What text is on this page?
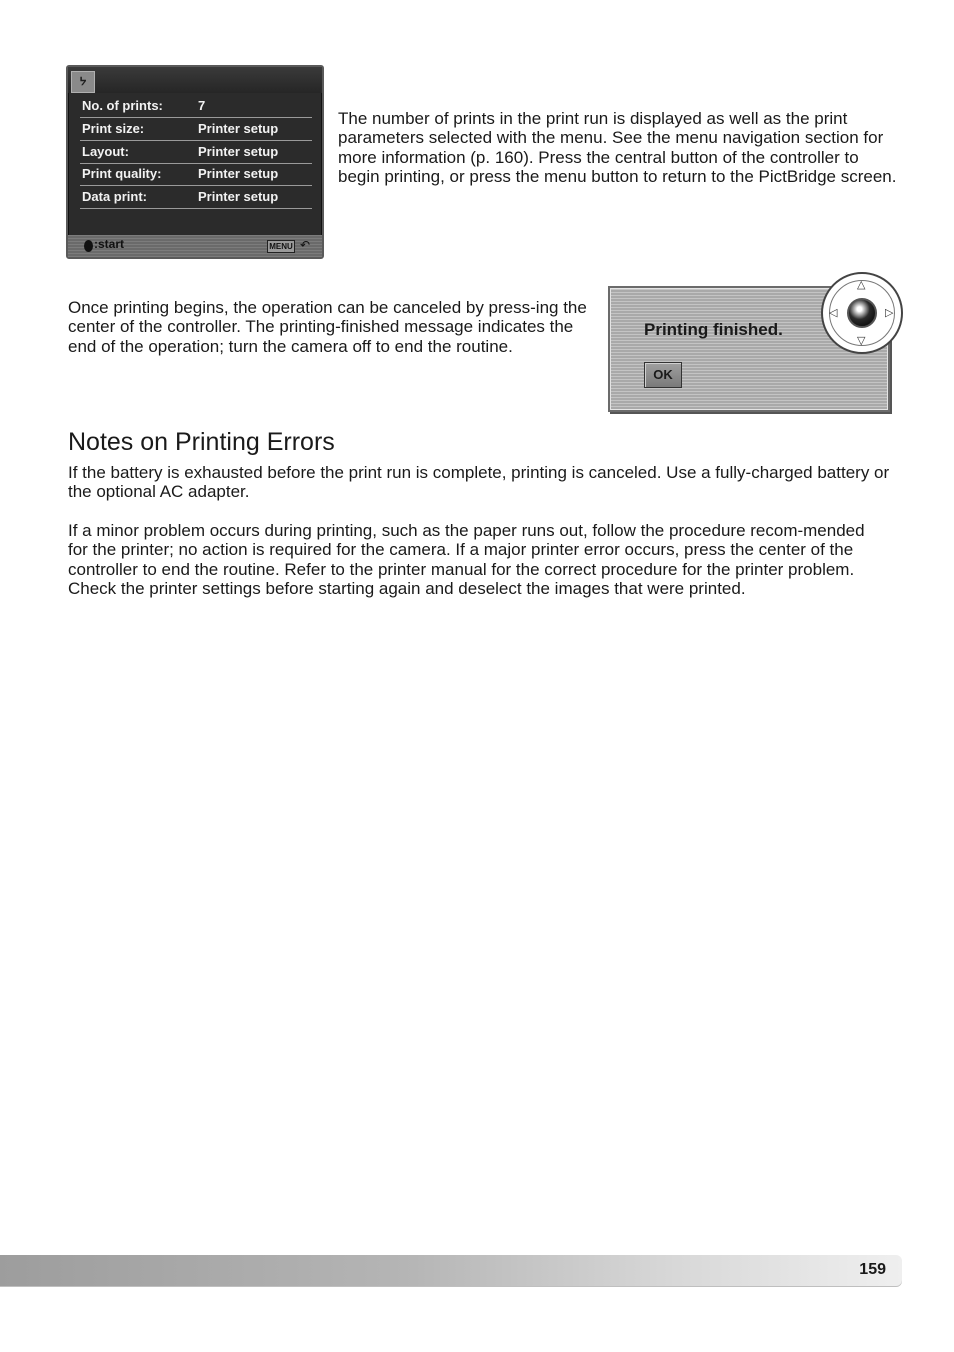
ᔭ
No. of prints:	7
Print size:	Printer setup
Layout:	Printer setup
Print quality:	Printer setup
Data print:	Printer setup
:start	MENU ↶

The number of prints in the print run is displayed as well as the print parameters selected with the menu. See the menu navigation section for more information (p. 160). Press the central button of the controller to begin printing, or press the menu button to return to the PictBridge screen.

Once printing begins, the operation can be canceled by press-ing the center of the controller. The printing-finished message indicates the end of the operation; turn the camera off to end the routine.

Printing finished.
OK
△
▽
◁	▷
Notes on Printing Errors

If the battery is exhausted before the print run is complete, printing is canceled. Use a fully-charged battery or the optional AC adapter.

If a minor problem occurs during printing, such as the paper runs out, follow the procedure recom-mended for the printer; no action is required for the camera. If a major printer error occurs, press the center of the controller to end the routine. Refer to the printer manual for the correct procedure for the printer problem. Check the printer settings before starting again and deselect the images that were printed.

159
